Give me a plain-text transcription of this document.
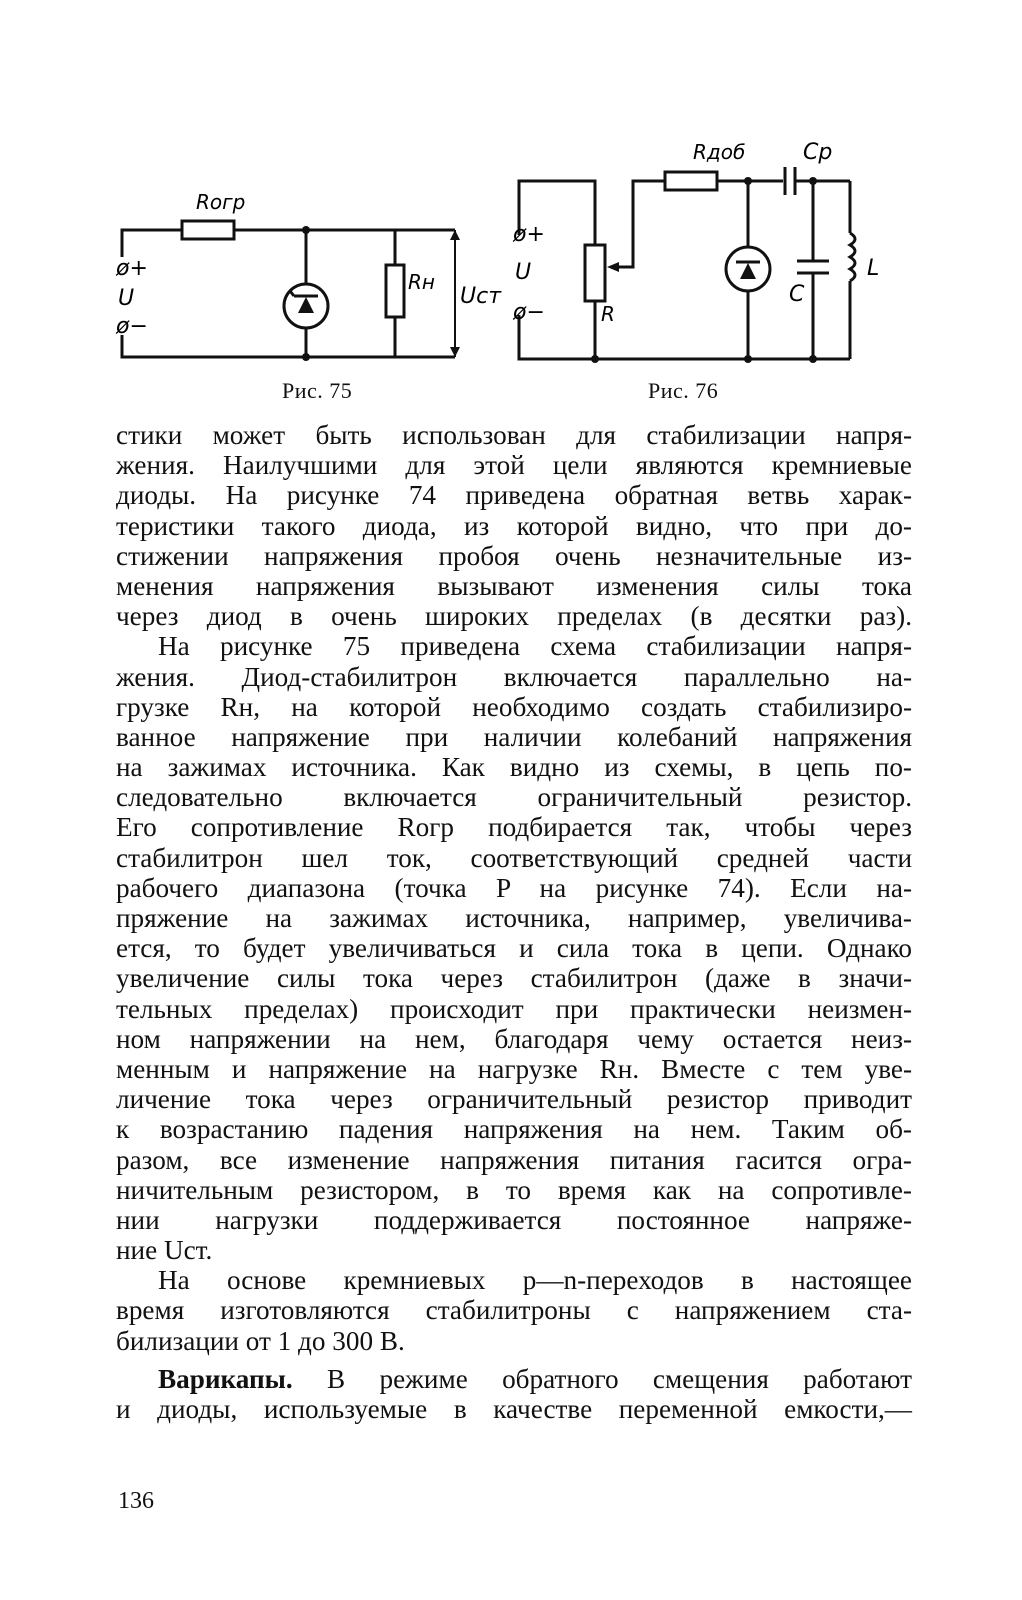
Rогр
ø+
U
ø−
Rн
Uст
Рис. 75
Rдоб	Cр
ø+
U
ø−	R
C
L
Рис. 76
стики может быть использован для стабилизации напря-
жения. Наилучшими для этой цели являются кремниевые
диоды. На рисунке 74 приведена обратная ветвь харак-
теристики такого диода, из которой видно, что при до-
стижении напряжения пробоя очень незначительные из-
менения напряжения вызывают изменения силы тока
через диод в очень широких пределах (в десятки раз).
На рисунке 75 приведена схема стабилизации напря-
жения. Диод-стабилитрон включается параллельно на-
грузке Rн, на которой необходимо создать стабилизиро-
ванное напряжение при наличии колебаний напряжения
на зажимах источника. Как видно из схемы, в цепь по-
следовательно включается ограничительный резистор.
Его сопротивление Rогр подбирается так, чтобы через
стабилитрон шел ток, соответствующий средней части
рабочего диапазона (точка P на рисунке 74). Если на-
пряжение на зажимах источника, например, увеличива-
ется, то будет увеличиваться и сила тока в цепи. Однако
увеличение силы тока через стабилитрон (даже в значи-
тельных пределах) происходит при практически неизмен-
ном напряжении на нем, благодаря чему остается неиз-
менным и напряжение на нагрузке Rн. Вместе с тем уве-
личение тока через ограничительный резистор приводит
к возрастанию падения напряжения на нем. Таким об-
разом, все изменение напряжения питания гасится огра-
ничительным резистором, в то время как на сопротивле-
нии нагрузки поддерживается постоянное напряже-
ние Uст.
На основе кремниевых p—n-переходов в настоящее
время изготовляются стабилитроны с напряжением ста-
билизации от 1 до 300 В.
Варикапы. В режиме обратного смещения работают
и диоды, используемые в качестве переменной емкости,—
136
